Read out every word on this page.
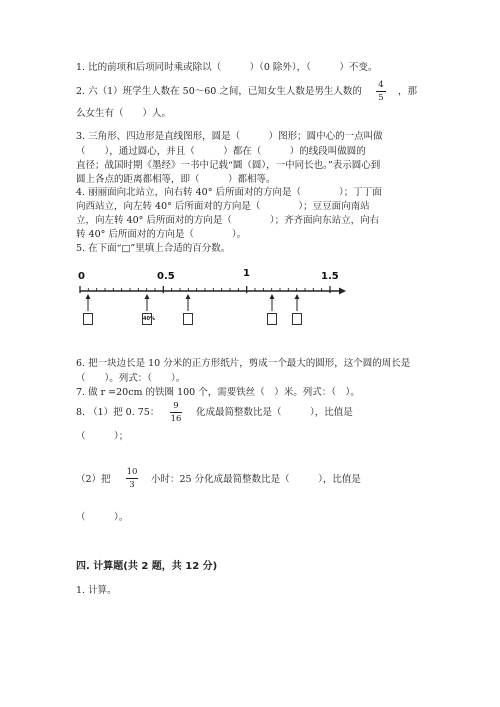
1. 比的前项和后项同时乘或除以（　　　）（0 除外），（　　　）不变。
2. 六（1）班学生人数在 50～60 之间，已知女生人数是男生人数的
4
5
，那
么女生有（　　）人。
3. 三角形、四边形是直线图形，圆是（　　　）图形；圆中心的一点叫做
（　　），通过圆心，并且（　　　）都在（　　　）的线段叫做圆的
直径；战国时期《墨经》一书中记载“圜（圆），一中同长也。”表示圆心到
圆上各点的距离都相等，即（　　　）都相等。
4. 丽丽面向北站立，向右转 40° 后所面对的方向是（　　　　）；丁丁面
向西站立，向左转 40° 后所面对的方向是（　　　　）；豆豆面向南站
立，向左转 40° 后所面对的方向是（　　　　）；齐齐面向东站立，向右
转 40° 后所面对的方向是（　　　　）。
5. 在下面“□”里填上合适的百分数。
0	0.5	1	1.5
40%
6. 把一块边长是 10 分米的正方形纸片，剪成一个最大的圆形，这个圆的周长是
（　　）。列式：（　　）。
7. 做 r =20cm 的铁圈 100 个，需要铁丝（　）米。列式：（　）。
8. （1）把 0. 75：
9
16
化成最简整数比是（　　　），比值是
（　　　）；
（2）把
10
3	小时：25 分化成最简整数比是（　　　），比值是
（　　　）。
四. 计算题(共 2 题，共 12 分)
1. 计算。
